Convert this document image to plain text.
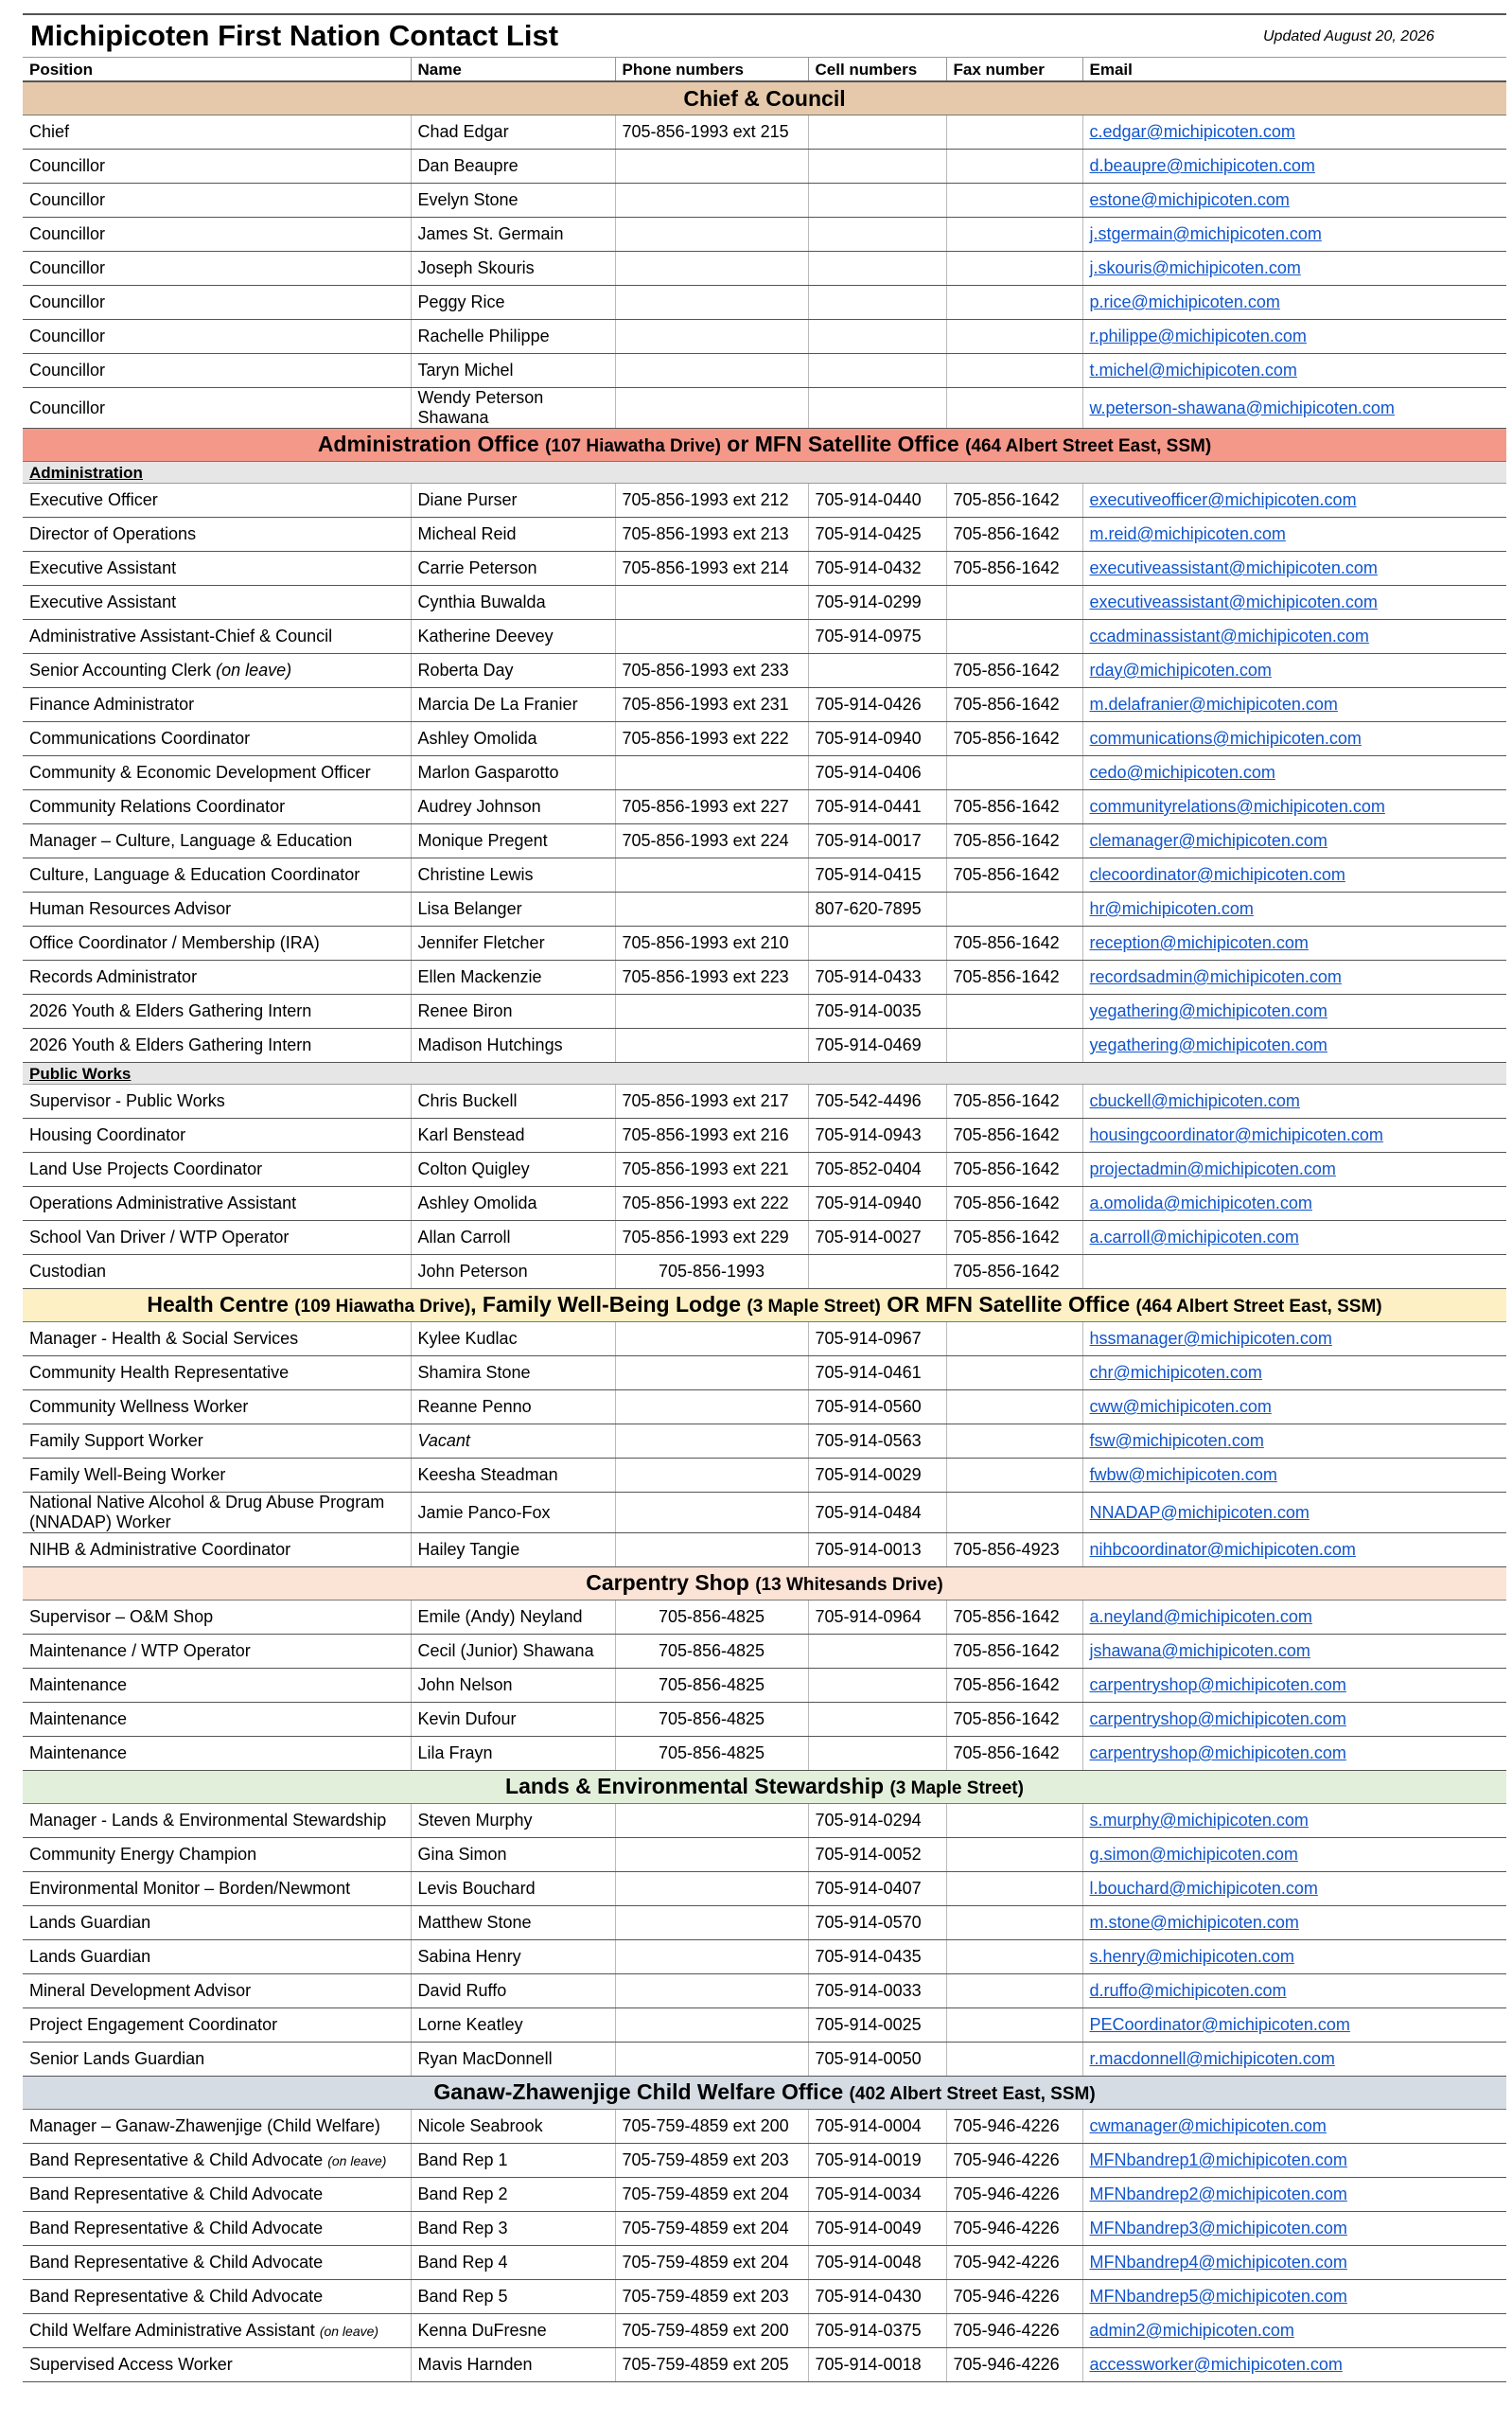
Michipicoten First Nation Contact List	Updated August 20, 2026
Position	Name	Phone numbers	Cell numbers	Fax number	Email
Chief & Council					
Chief	Chad Edgar	705-856-1993 ext 215			c.edgar@michipicoten.com
Councillor	Dan Beaupre				d.beaupre@michipicoten.com
Councillor	Evelyn Stone				estone@michipicoten.com
Councillor	James St. Germain				j.stgermain@michipicoten.com
Councillor	Joseph Skouris				j.skouris@michipicoten.com
Councillor	Peggy Rice				p.rice@michipicoten.com
Councillor	Rachelle Philippe				r.philippe@michipicoten.com
Councillor	Taryn Michel				t.michel@michipicoten.com
Councillor	Wendy Peterson Shawana				w.peterson-shawana@michipicoten.com
Administration Office (107 Hiawatha Drive) or MFN Satellite Office (464 Albert Street East, SSM)					
Administration					
Executive Officer	Diane Purser	705-856-1993 ext 212	705-914-0440	705-856-1642	executiveofficer@michipicoten.com
Director of Operations	Micheal Reid	705-856-1993 ext 213	705-914-0425	705-856-1642	m.reid@michipicoten.com
Executive Assistant	Carrie Peterson	705-856-1993 ext 214	705-914-0432	705-856-1642	executiveassistant@michipicoten.com
Executive Assistant	Cynthia Buwalda		705-914-0299		executiveassistant@michipicoten.com
Administrative Assistant-Chief & Council	Katherine Deevey		705-914-0975		ccadminassistant@michipicoten.com
Senior Accounting Clerk (on leave)	Roberta Day	705-856-1993 ext 233		705-856-1642	rday@michipicoten.com
Finance Administrator	Marcia De La Franier	705-856-1993 ext 231	705-914-0426	705-856-1642	m.delafranier@michipicoten.com
Communications Coordinator	Ashley Omolida	705-856-1993 ext 222	705-914-0940	705-856-1642	communications@michipicoten.com
Community & Economic Development Officer	Marlon Gasparotto		705-914-0406		cedo@michipicoten.com
Community Relations Coordinator	Audrey Johnson	705-856-1993 ext 227	705-914-0441	705-856-1642	communityrelations@michipicoten.com
Manager – Culture, Language & Education	Monique Pregent	705-856-1993 ext 224	705-914-0017	705-856-1642	clemanager@michipicoten.com
Culture, Language & Education Coordinator	Christine Lewis		705-914-0415	705-856-1642	clecoordinator@michipicoten.com
Human Resources Advisor	Lisa Belanger		807-620-7895		hr@michipicoten.com
Office Coordinator / Membership (IRA)	Jennifer Fletcher	705-856-1993 ext 210		705-856-1642	reception@michipicoten.com
Records Administrator	Ellen Mackenzie	705-856-1993 ext 223	705-914-0433	705-856-1642	recordsadmin@michipicoten.com
2026 Youth & Elders Gathering Intern	Renee Biron		705-914-0035		yegathering@michipicoten.com
2026 Youth & Elders Gathering Intern	Madison Hutchings		705-914-0469		yegathering@michipicoten.com
Public Works					
Supervisor - Public Works	Chris Buckell	705-856-1993 ext 217	705-542-4496	705-856-1642	cbuckell@michipicoten.com
Housing Coordinator	Karl Benstead	705-856-1993 ext 216	705-914-0943	705-856-1642	housingcoordinator@michipicoten.com
Land Use Projects Coordinator	Colton Quigley	705-856-1993 ext 221	705-852-0404	705-856-1642	projectadmin@michipicoten.com
Operations Administrative Assistant	Ashley Omolida	705-856-1993 ext 222	705-914-0940	705-856-1642	a.omolida@michipicoten.com
School Van Driver / WTP Operator	Allan Carroll	705-856-1993 ext 229	705-914-0027	705-856-1642	a.carroll@michipicoten.com
Custodian	John Peterson	705-856-1993		705-856-1642	
Health Centre (109 Hiawatha Drive), Family Well-Being Lodge (3 Maple Street) OR MFN Satellite Office (464 Albert Street East, SSM)					
Manager - Health & Social Services	Kylee Kudlac		705-914-0967		hssmanager@michipicoten.com
Community Health Representative	Shamira Stone		705-914-0461		chr@michipicoten.com
Community Wellness Worker	Reanne Penno		705-914-0560		cww@michipicoten.com
Family Support Worker	Vacant		705-914-0563		fsw@michipicoten.com
Family Well-Being Worker	Keesha Steadman		705-914-0029		fwbw@michipicoten.com
National Native Alcohol & Drug Abuse Program (NNADAP) Worker	Jamie Panco-Fox		705-914-0484		NNADAP@michipicoten.com
NIHB & Administrative Coordinator	Hailey Tangie		705-914-0013	705-856-4923	nihbcoordinator@michipicoten.com
Carpentry Shop (13 Whitesands Drive)					
Supervisor – O&M Shop	Emile (Andy) Neyland	705-856-4825	705-914-0964	705-856-1642	a.neyland@michipicoten.com
Maintenance / WTP Operator	Cecil (Junior) Shawana	705-856-4825		705-856-1642	jshawana@michipicoten.com
Maintenance	John Nelson	705-856-4825		705-856-1642	carpentryshop@michipicoten.com
Maintenance	Kevin Dufour	705-856-4825		705-856-1642	carpentryshop@michipicoten.com
Maintenance	Lila Frayn	705-856-4825		705-856-1642	carpentryshop@michipicoten.com
Lands & Environmental Stewardship (3 Maple Street)					
Manager - Lands & Environmental Stewardship	Steven Murphy		705-914-0294		s.murphy@michipicoten.com
Community Energy Champion	Gina Simon		705-914-0052		g.simon@michipicoten.com
Environmental Monitor – Borden/Newmont	Levis Bouchard		705-914-0407		l.bouchard@michipicoten.com
Lands Guardian	Matthew Stone		705-914-0570		m.stone@michipicoten.com
Lands Guardian	Sabina Henry		705-914-0435		s.henry@michipicoten.com
Mineral Development Advisor	David Ruffo		705-914-0033		d.ruffo@michipicoten.com
Project Engagement Coordinator	Lorne Keatley		705-914-0025		PECoordinator@michipicoten.com
Senior Lands Guardian	Ryan MacDonnell		705-914-0050		r.macdonnell@michipicoten.com
Ganaw-Zhawenjige Child Welfare Office (402 Albert Street East, SSM)					
Manager – Ganaw-Zhawenjige (Child Welfare)	Nicole Seabrook	705-759-4859 ext 200	705-914-0004	705-946-4226	cwmanager@michipicoten.com
Band Representative & Child Advocate (on leave)	Band Rep 1	705-759-4859 ext 203	705-914-0019	705-946-4226	MFNbandrep1@michipicoten.com
Band Representative & Child Advocate	Band Rep 2	705-759-4859 ext 204	705-914-0034	705-946-4226	MFNbandrep2@michipicoten.com
Band Representative & Child Advocate	Band Rep 3	705-759-4859 ext 204	705-914-0049	705-946-4226	MFNbandrep3@michipicoten.com
Band Representative & Child Advocate	Band Rep 4	705-759-4859 ext 204	705-914-0048	705-942-4226	MFNbandrep4@michipicoten.com
Band Representative & Child Advocate	Band Rep 5	705-759-4859 ext 203	705-914-0430	705-946-4226	MFNbandrep5@michipicoten.com
Child Welfare Administrative Assistant (on leave)	Kenna DuFresne	705-759-4859 ext 200	705-914-0375	705-946-4226	admin2@michipicoten.com
Supervised Access Worker	Mavis Harnden	705-759-4859 ext 205	705-914-0018	705-946-4226	accessworker@michipicoten.com
